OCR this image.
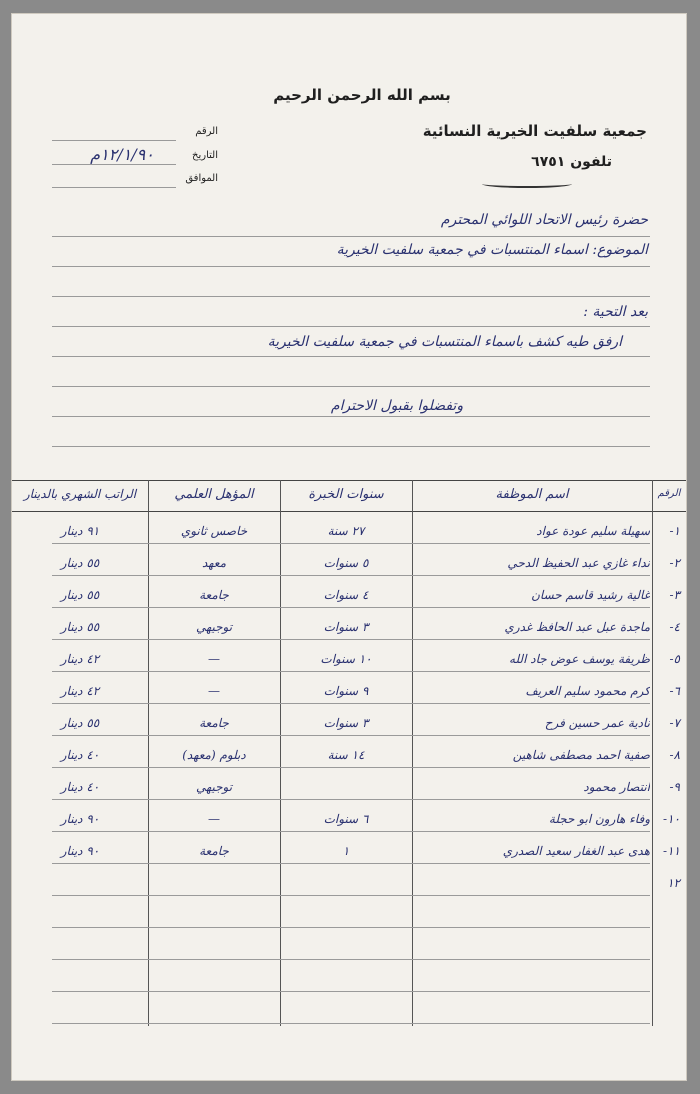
بسم الله الرحمن الرحيم
جمعية سلفيت الخيرية النسائية
تلفون ٦٧٥١
الرقم
التاريخ
١٢/١/٩٠م
الموافق
حضرة رئيس الاتحاد اللوائي المحترم
الموضوع: اسماء المنتسبات في جمعية سلفيت الخيرية
بعد التحية :
ارفق طيه كشف باسماء المنتسبات في جمعية سلفيت الخيرية
وتفضلوا بقبول الاحترام
الرقم
اسم الموظفة
سنوات الخبرة
المؤهل العلمي
الراتب الشهري بالدينار
-١
سهيلة سليم عودة عواد
٢٧ سنة
خاصس ثانوي
٩١ دينار
-٢
نداء غازي عبد الحفيظ الدحي
٥ سنوات
معهد
٥٥ دينار
-٣
غالية رشيد قاسم حسان
٤ سنوات
جامعة
٥٥ دينار
-٤
ماجدة عبل عبد الحافظ غدري
٣ سنوات
توجيهي
٥٥ دينار
-٥
ظريفة يوسف عوض جاد الله
١٠ سنوات
—
٤٢ دينار
-٦
كرم محمود سليم العريف
٩ سنوات
—
٤٢ دينار
-٧
نادية عمر حسين فرح
٣ سنوات
جامعة
٥٥ دينار
-٨
صفية احمد مصطفى شاهين
١٤ سنة
دبلوم (معهد)
٤٠ دينار
-٩
انتصار محمود
توجيهي
٤٠ دينار
-١٠
وفاء هارون ابو حجلة
٦ سنوات
—
٩٠ دينار
-١١
هدى عبد الغفار سعيد الصدري
١
جامعة
٩٠ دينار
١٢
